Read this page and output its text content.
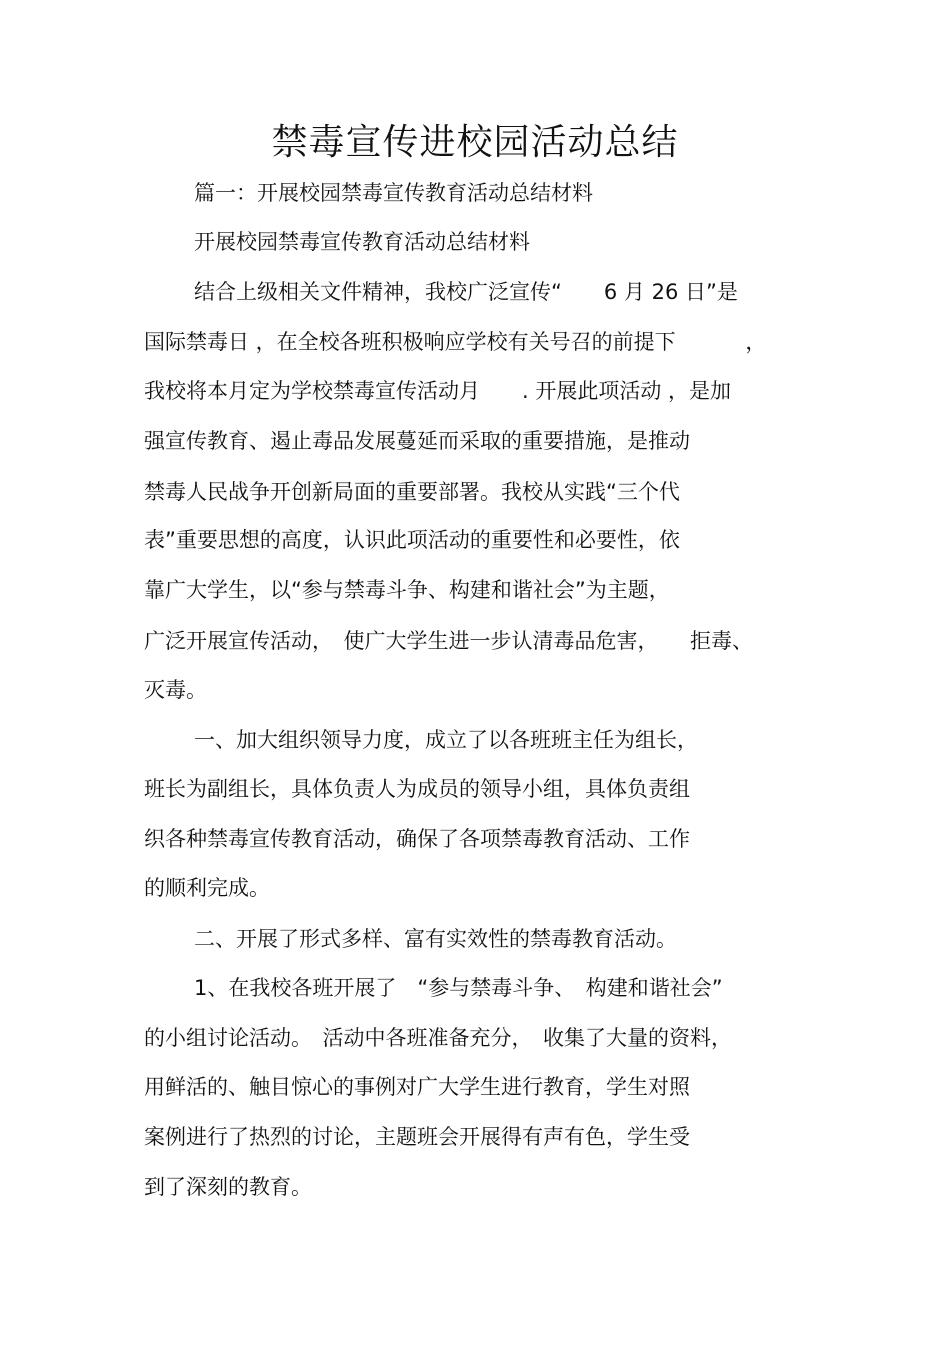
禁毒宣传进校园活动总结
篇一：开展校园禁毒宣传教育活动总结材料
开展校园禁毒宣传教育活动总结材料
结合上级相关文件精神，我校广泛宣传“　　6 月 26 日”是
国际禁毒日 ，在全校各班积极响应学校有关号召的前提下　　　 ，
我校将本月定为学校禁毒宣传活动月　　. 开展此项活动 ，是加
强宣传教育、遏止毒品发展蔓延而采取的重要措施，是推动
禁毒人民战争开创新局面的重要部署。我校从实践“三个代
表”重要思想的高度，认识此项活动的重要性和必要性，依
靠广大学生，以“参与禁毒斗争、构建和谐社会”为主题，
广泛开展宣传活动，　使广大学生进一步认清毒品危害，　　拒毒、
灭毒。
一、加大组织领导力度，成立了以各班班主任为组长，
班长为副组长，具体负责人为成员的领导小组，具体负责组
织各种禁毒宣传教育活动，确保了各项禁毒教育活动、工作
的顺利完成。
二、开展了形式多样、富有实效性的禁毒教育活动。
1、在我校各班开展了　“参与禁毒斗争、　构建和谐社会”
的小组讨论活动。　活动中各班准备充分，　收集了大量的资料，
用鲜活的、触目惊心的事例对广大学生进行教育，学生对照
案例进行了热烈的讨论，主题班会开展得有声有色，学生受
到了深刻的教育。
